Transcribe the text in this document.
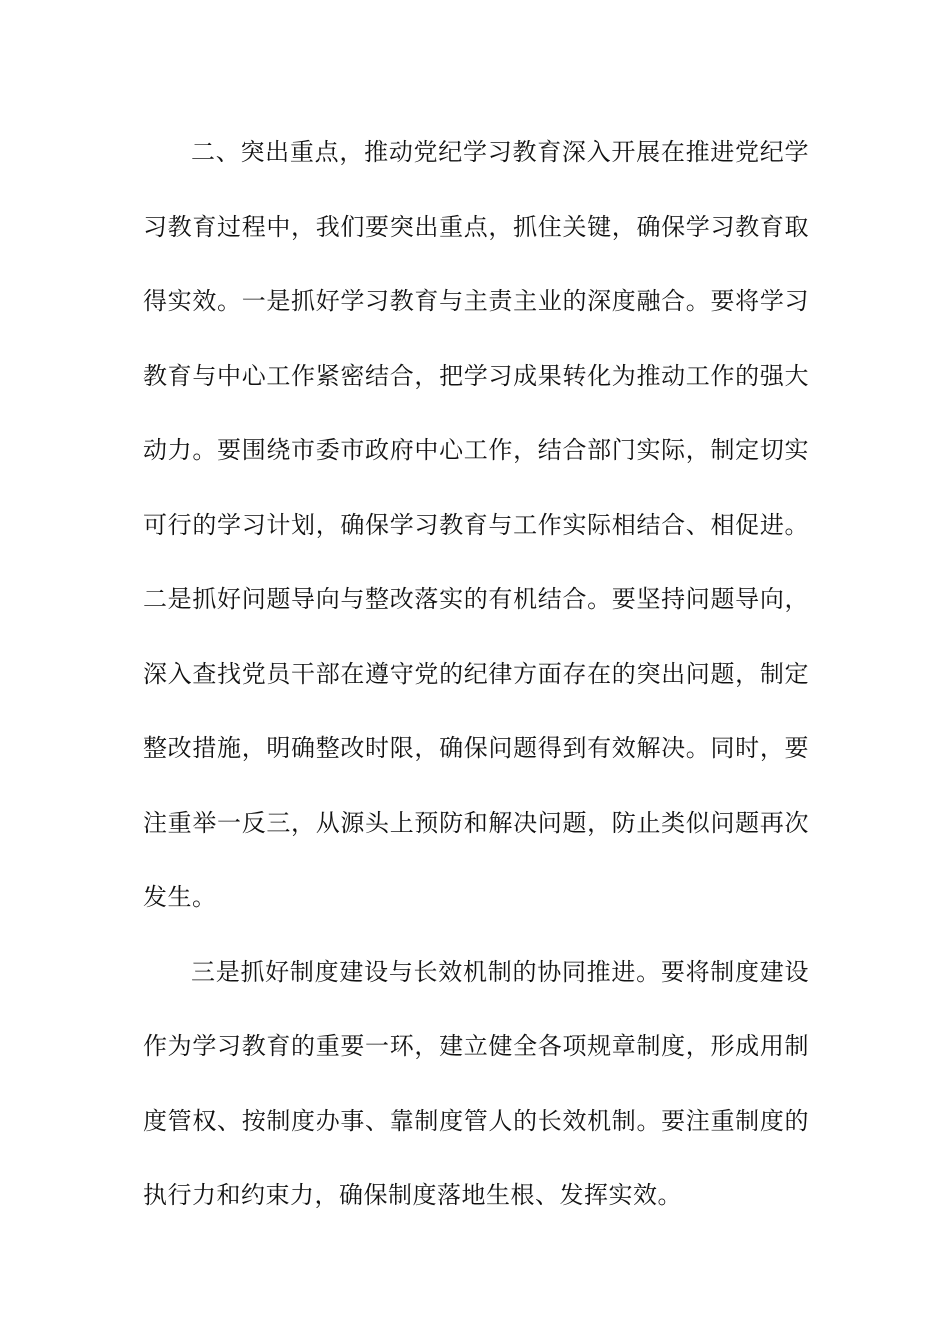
二、突出重点，推动党纪学习教育深入开展在推进党纪学习教育过程中，我们要突出重点，抓住关键，确保学习教育取得实效。一是抓好学习教育与主责主业的深度融合。要将学习教育与中心工作紧密结合，把学习成果转化为推动工作的强大动力。要围绕市委市政府中心工作，结合部门实际，制定切实可行的学习计划，确保学习教育与工作实际相结合、相促进。二是抓好问题导向与整改落实的有机结合。要坚持问题导向，深入查找党员干部在遵守党的纪律方面存在的突出问题，制定整改措施，明确整改时限，确保问题得到有效解决。同时，要注重举一反三，从源头上预防和解决问题，防止类似问题再次发生。

三是抓好制度建设与长效机制的协同推进。要将制度建设作为学习教育的重要一环，建立健全各项规章制度，形成用制度管权、按制度办事、靠制度管人的长效机制。要注重制度的执行力和约束力，确保制度落地生根、发挥实效。
